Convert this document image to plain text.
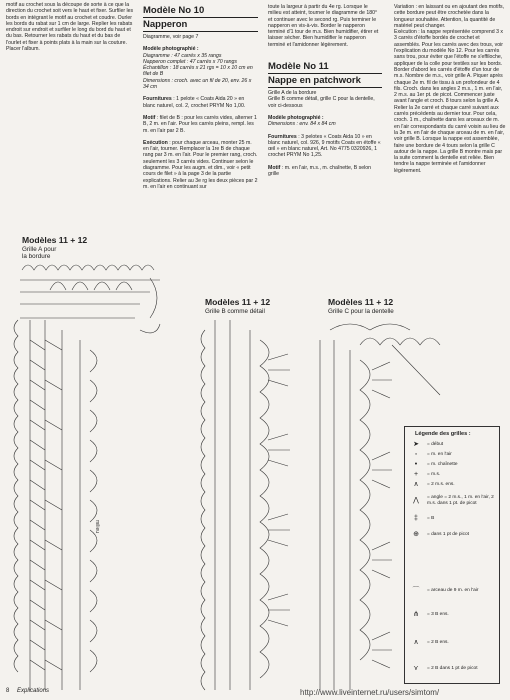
motif au crochet sous la découpe de sorte à ce que la direction du crochet soit vers le haut et fixer. Surfiler les bords en intégrant le motif au crochet et coudre. Ourler les bords du rabat sur 1 cm de large. Replier les rabats endroit sur endroit et surfiler le long du bord du haut et du bas. Retourner les rabats du haut et du bas de l'ourlet et fixer à points plats à la main sur la couture. Placer l'album.

Modèle No 10
Napperon

Diagramme, voir page 7

Modèle photographié :

Diagramme : 47 carrés x 35 rangs
Napperon complet : 47 carrés x 70 rangs
Échantillon : 18 carrés x 21 rgs = 10 x 10 cm en filet de B
Dimensions : croch. avec un fil de 20, env. 26 x 34 cm

Fournitures : 1 pelote « Coats Aida 20 » en blanc naturel, col. 2, crochet PRYM No 1,00.

Motif : filet de B : pour les carrés vides, alterner 1 B, 2 m. en l'air. Pour les carrés pleins, rempl. les m. en l'air par 2 B.

Exécution : pour chaque arceau, monter 25 m. en l'air, tourner. Remplacer la 1re B de chaque rang par 3 m. en l'air. Pour le premier rang, croch. seulement les 3 carrés vides. Continuer selon le diagramme. Pour les augm. et dim., voir « petit cours de filet » à la page 3 de la partie explications. Relier au 3e rg les deux pièces par 2 m. en l'air en continuant sur

toute la largeur à partir du 4e rg. Lorsque le milieu est atteint, tourner le diagramme de 180° et continuer avec le second rg. Puis terminer le napperon en vis-à-vis. Border le napperon terminé d'1 tour de m.s. Bien humidifier, étirer et laisser sécher. Bien humidifier le napperon terminé et l'amidonner légèrement.

Modèle No 11
Nappe en patchwork

Grille A de la bordure
Grille B comme détail, grille C pour la dentelle, voir ci-dessous

Modèle photographié :

Dimensions : env. 84 x 84 cm

Fournitures : 3 pelotes « Coats Aida 10 » en blanc naturel, col. 926, 9 motifs Coats en étoffe « œil » en blanc naturel, Art. No 4775 0320926, 1 crochet PRYM No 1,25.

Motif : m. en l'air, m.s., m. chaînette, B selon grille

Variation : en laissant ou en ajoutant des motifs, cette bordure peut être crochetée dans la longueur souhaitée. Attention, la quantité de matériel peut changer.
Exécution : la nappe représentée comprend 3 x 3 carrés d'étoffe bordés de crochet et assemblés. Pour les carrés avec des trous, voir l'explication du modèle No 12. Pour les carrés sans trou, pour éviter que l'étoffe ne s'effiloche, appliquer de la colle pour textiles sur les bords. Border d'abord les carrés d'étoffe d'un tour de m.s. Nombre de m.s., voir grille A. Piquer après chaque 2e m. fil de tissu à un profondeur de 4 fils. Croch. dans les angles 2 m.s., 1 m. en l'air, 2 m.s. au 1er pt. de picot. Commencer juste avant l'angle et croch. 8 tours selon la grille A. Relier la 2e carré et chaque carré suivant aux carrés précédents au dernier tour. Pour cela, croch. 1 m., chaînette dans les arceaux de m. en l'air correspondants du carré voisin au lieu de la 3e m. en l'air de chaque arceau de m. en l'air, voir grille B. Lorsque la nappe est assemblée, faire une bordure de 4 tours selon la grille C autour de la nappe. La grille B montre mais par la suite comment la dentelle est reliée. Bien tendre la nappe terminée et l'amidonner légèrement.

Modèles 11 + 12
Grille A pour
la bordure
Modèles 11 + 12
Grille B comme détail
Modèles 11 + 12
Grille C pour la dentelle
milieu
Légende des grilles :
➤	= début
◦	= m. en l'air
•	= m. chaînette
+	= m.s.
∧	= 2 m.s. ens.
⋀	= angle = 2 m.s., 1 m. en l'air, 2 m.s. dans 1 pt. de picot
‡	= B
⊕	= dans 1 pt de picot
⌒	= arceau de 9 m. en l'air
⋔	= 3 B ens.
∧	= 2 B ens.
⋎	= 2 B dans 1 pt de picot
8 Explications	http://www.liveinternet.ru/users/simtom/
